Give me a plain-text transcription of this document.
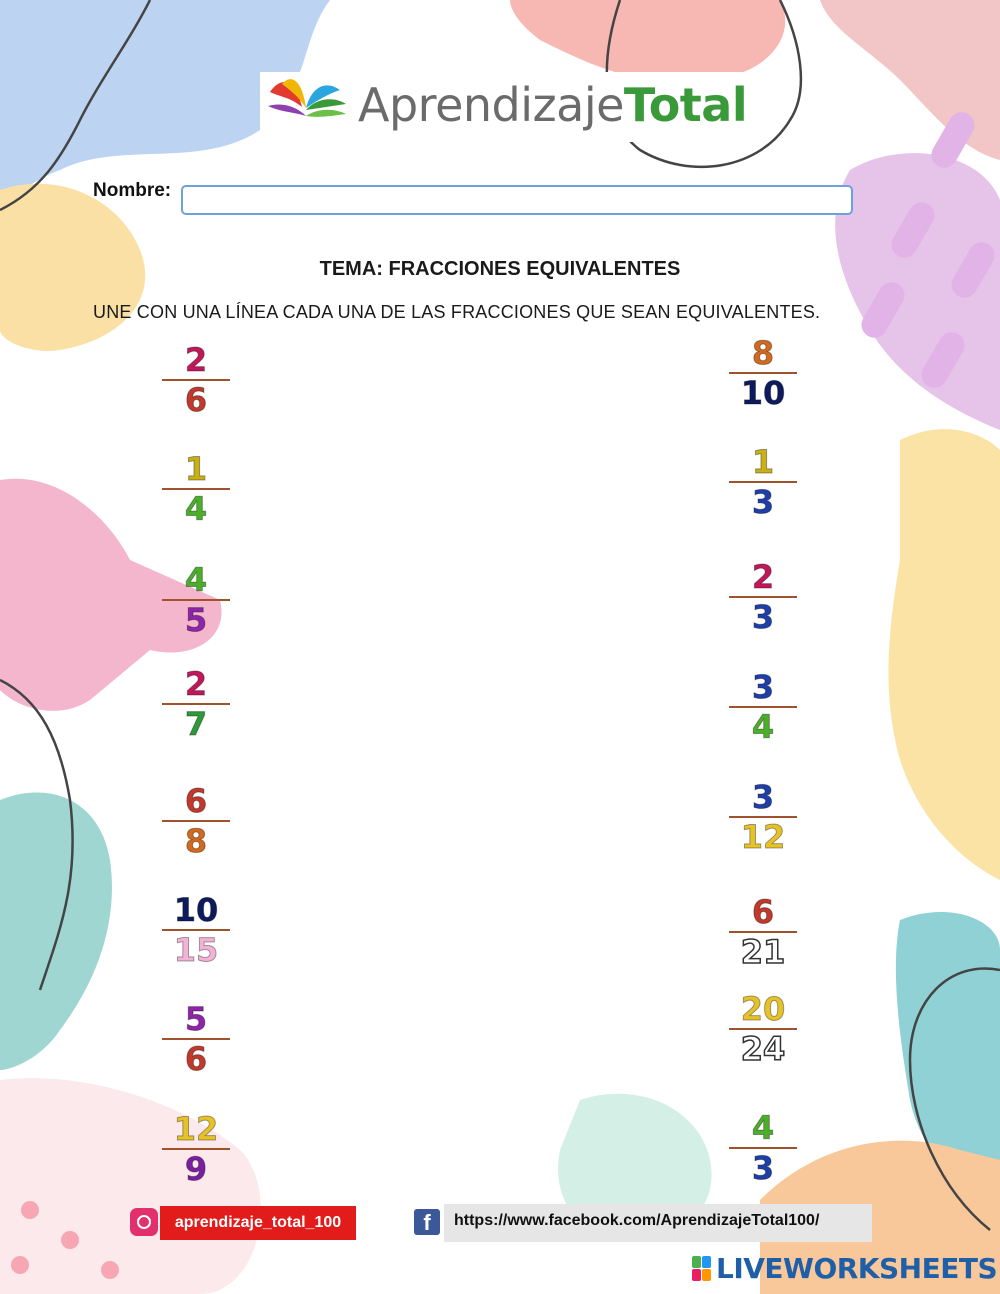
AprendizajeTotal
Nombre:
TEMA: FRACCIONES EQUIVALENTES
UNE CON UNA LÍNEA CADA UNA DE LAS FRACCIONES QUE SEAN EQUIVALENTES.
2
6
1
4
4
5
2
7
6
8
10
15
5
6
12
9
8
10
1
3
2
3
3
4
3
12
6
21
20
24
4
3
aprendizaje_total_100	f	https://www.facebook.com/AprendizajeTotal100/
LIVEWORKSHEETS
